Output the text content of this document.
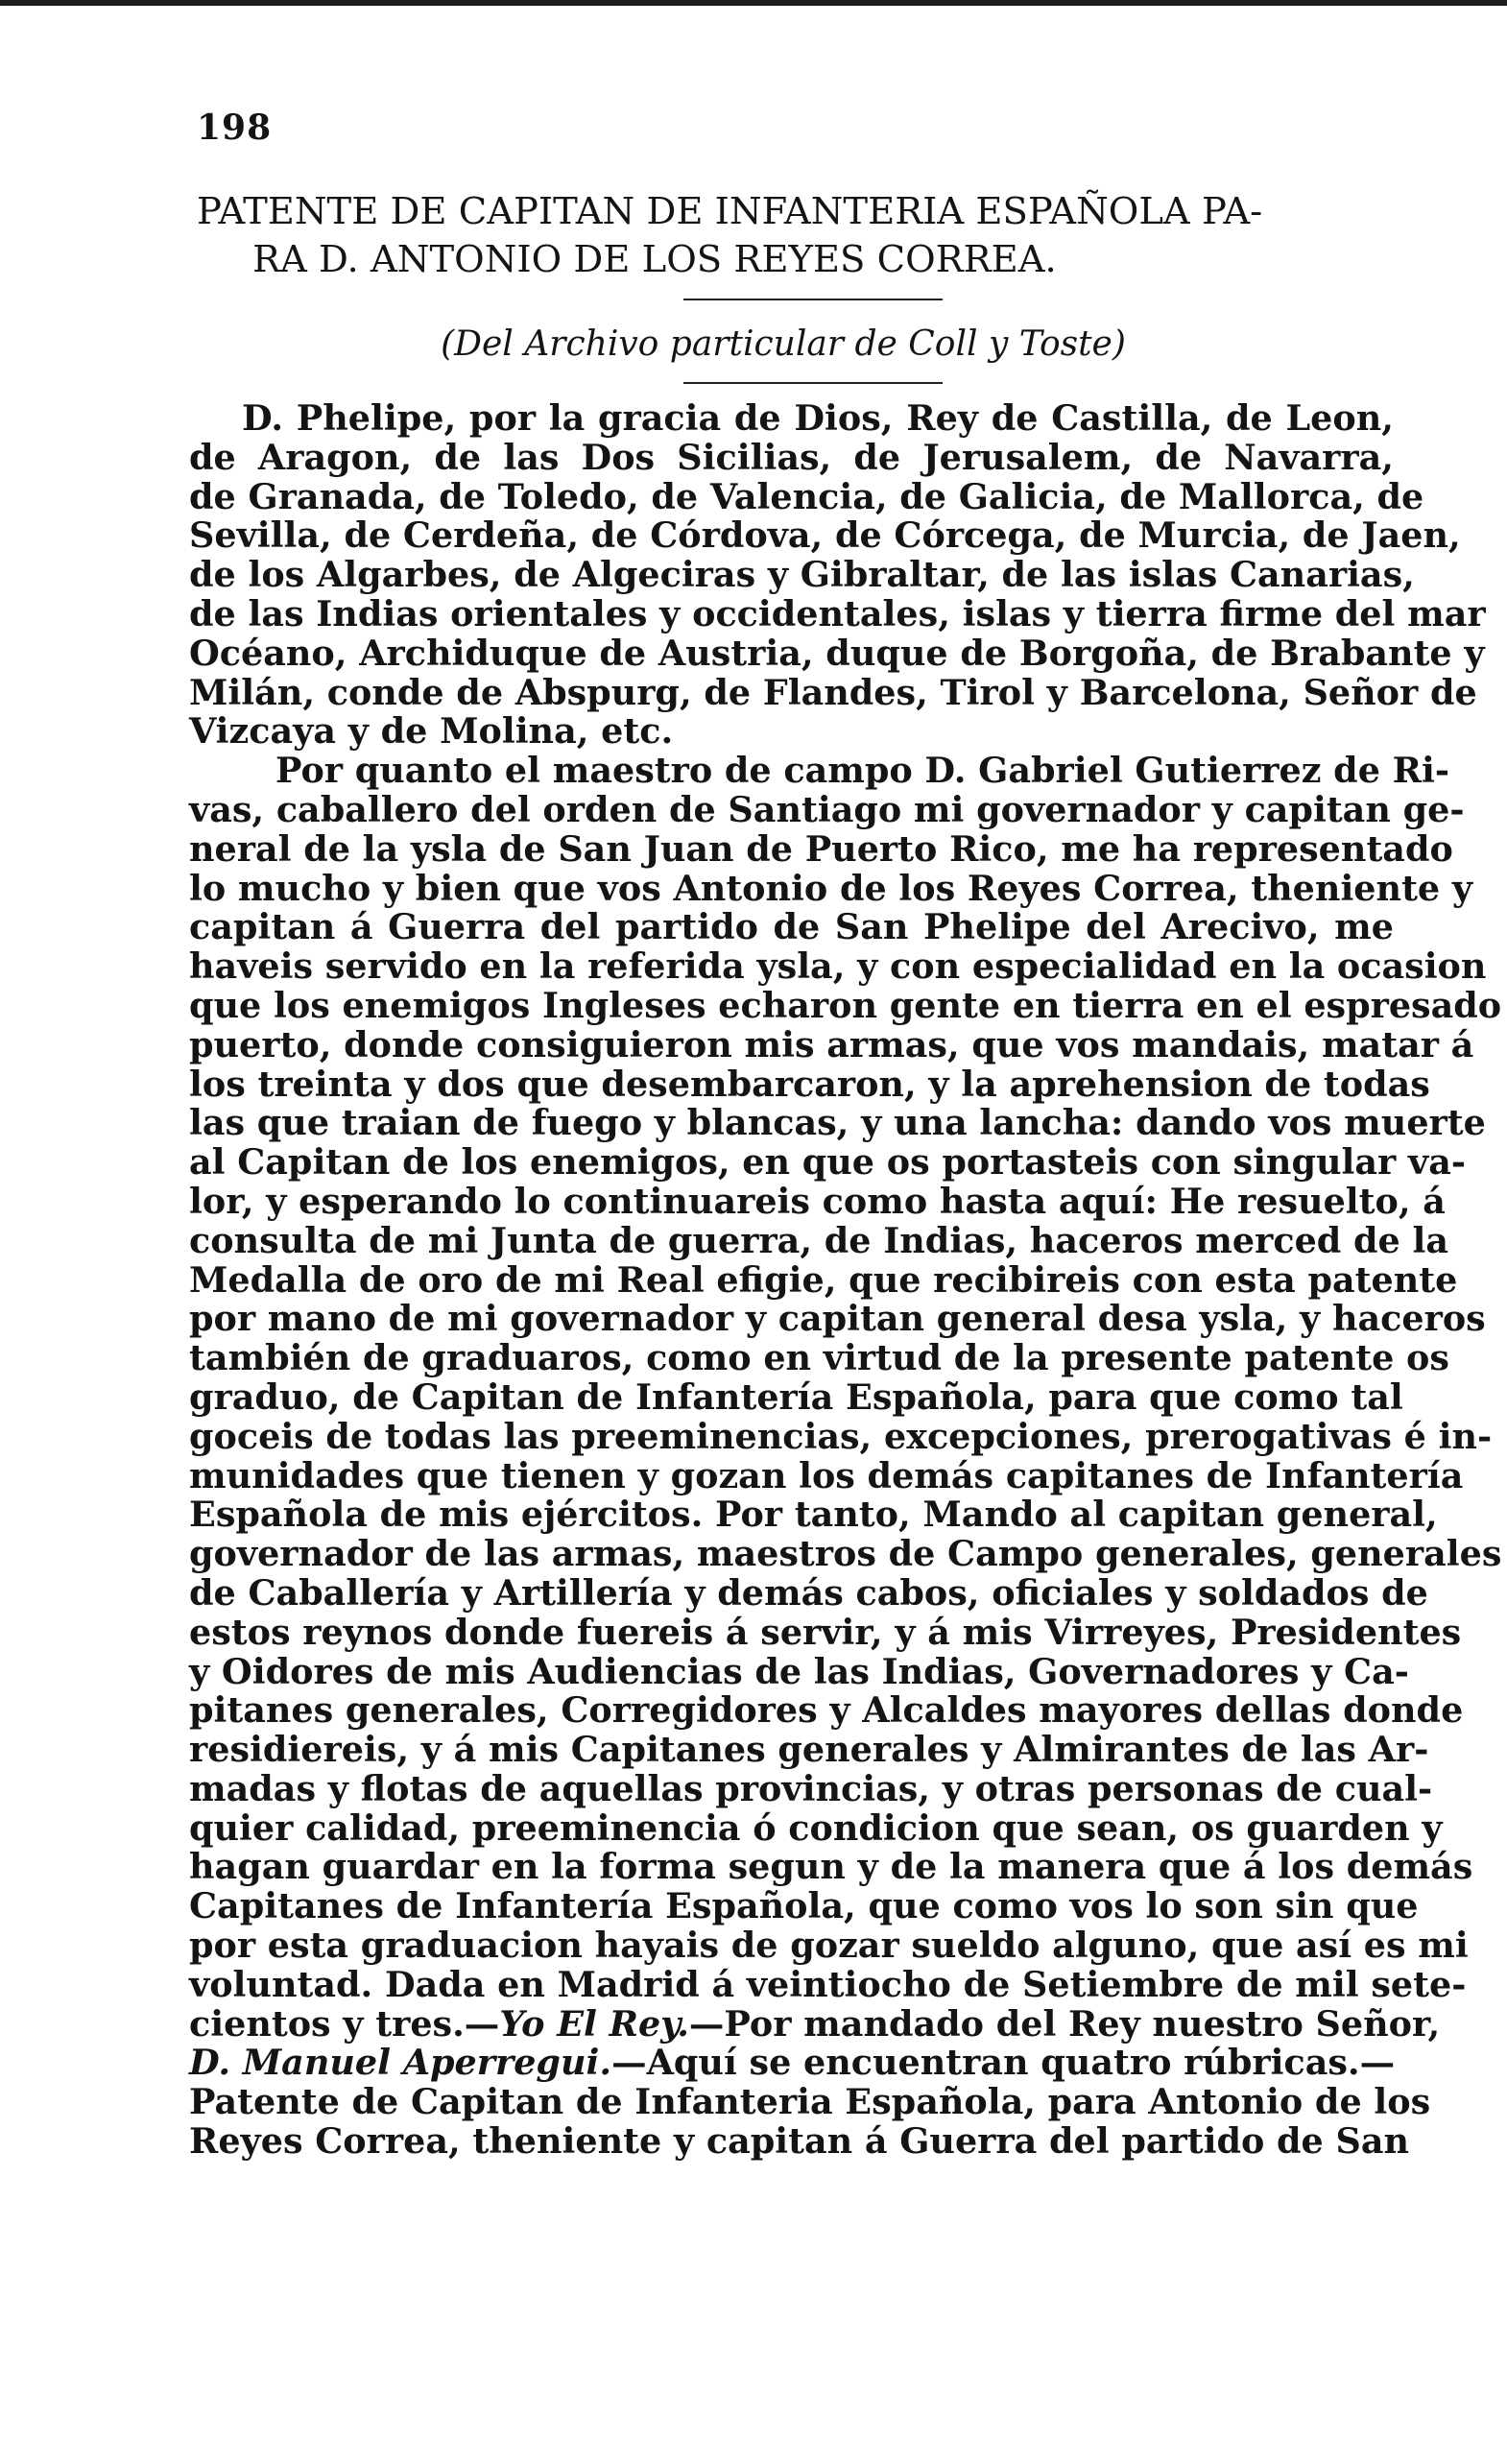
198
PATENTE DE CAPITAN DE INFANTERIA ESPAÑOLA PA-
RA D. ANTONIO DE LOS REYES CORREA.
(Del Archivo particular de Coll y Toste)
D. Phelipe, por la gracia de Dios, Rey de Castilla, de Leon,
de Aragon, de las Dos Sicilias, de Jerusalem, de Navarra,
de Granada, de Toledo, de Valencia, de Galicia, de Mallorca, de
Sevilla, de Cerdeña, de Córdova, de Córcega, de Murcia, de Jaen,
de los Algarbes, de Algeciras y Gibraltar, de las islas Canarias,
de las Indias orientales y occidentales, islas y tierra firme del mar
Océano, Archiduque de Austria, duque de Borgoña, de Brabante y
Milán, conde de Abspurg, de Flandes, Tirol y Barcelona, Señor de
Vizcaya y de Molina, etc.
Por quanto el maestro de campo D. Gabriel Gutierrez de Ri-
vas, caballero del orden de Santiago mi governador y capitan ge-
neral de la ysla de San Juan de Puerto Rico, me ha representado
lo mucho y bien que vos Antonio de los Reyes Correa, theniente y
capitan á Guerra del partido de San Phelipe del Arecivo, me
haveis servido en la referida ysla, y con especialidad en la ocasion
que los enemigos Ingleses echaron gente en tierra en el espresado
puerto, donde consiguieron mis armas, que vos mandais, matar á
los treinta y dos que desembarcaron, y la aprehension de todas
las que traian de fuego y blancas, y una lancha: dando vos muerte
al Capitan de los enemigos, en que os portasteis con singular va-
lor, y esperando lo continuareis como hasta aquí: He resuelto, á
consulta de mi Junta de guerra, de Indias, haceros merced de la
Medalla de oro de mi Real efigie, que recibireis con esta patente
por mano de mi governador y capitan general desa ysla, y haceros
también de graduaros, como en virtud de la presente patente os
graduo, de Capitan de Infantería Española, para que como tal
goceis de todas las preeminencias, excepciones, prerogativas é in-
munidades que tienen y gozan los demás capitanes de Infantería
Española de mis ejércitos. Por tanto, Mando al capitan general,
governador de las armas, maestros de Campo generales, generales
de Caballería y Artillería y demás cabos, oficiales y soldados de
estos reynos donde fuereis á servir, y á mis Virreyes, Presidentes
y Oidores de mis Audiencias de las Indias, Governadores y Ca-
pitanes generales, Corregidores y Alcaldes mayores dellas donde
residiereis, y á mis Capitanes generales y Almirantes de las Ar-
madas y flotas de aquellas provincias, y otras personas de cual-
quier calidad, preeminencia ó condicion que sean, os guarden y
hagan guardar en la forma segun y de la manera que á los demás
Capitanes de Infantería Española, que como vos lo son sin que
por esta graduacion hayais de gozar sueldo alguno, que así es mi
voluntad. Dada en Madrid á veintiocho de Setiembre de mil sete-
cientos y tres.—Yo El Rey.—Por mandado del Rey nuestro Señor,
D. Manuel Aperregui.—Aquí se encuentran quatro rúbricas.—
Patente de Capitan de Infanteria Española, para Antonio de los
Reyes Correa, theniente y capitan á Guerra del partido de San
